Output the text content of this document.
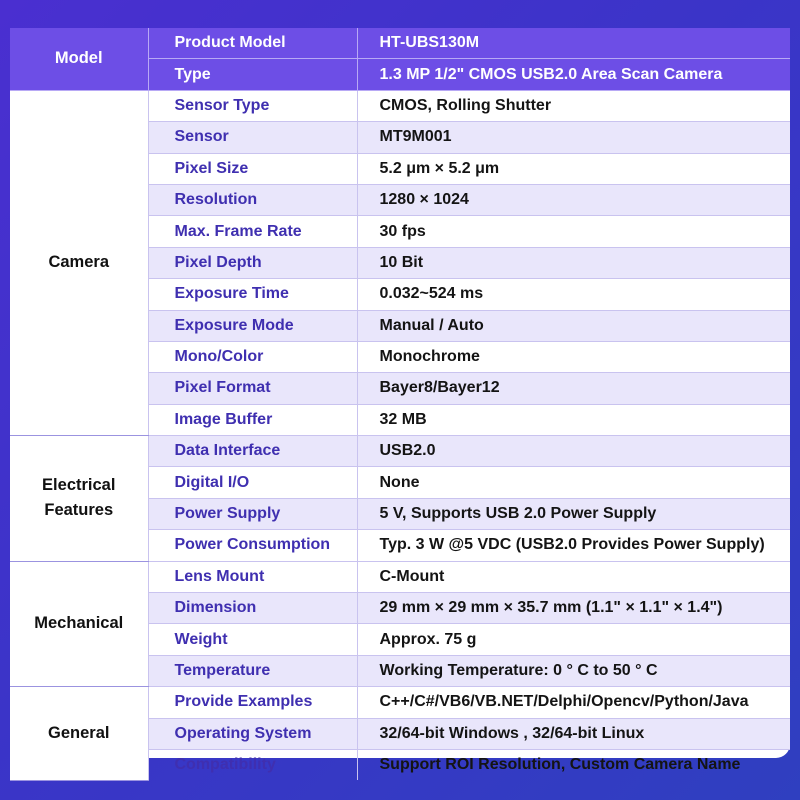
Model	Product Model	HT-UBS130M
	Type	1.3 MP 1/2" CMOS USB2.0 Area Scan Camera
Camera	Sensor Type	CMOS, Rolling Shutter
	Sensor	MT9M001
	Pixel Size	5.2 μm × 5.2 μm
	Resolution	1280 × 1024
	Max. Frame Rate	30 fps
	Pixel Depth	10 Bit
	Exposure Time	0.032~524 ms
	Exposure Mode	Manual / Auto
	Mono/Color	Monochrome
	Pixel Format	Bayer8/Bayer12
	Image Buffer	32 MB
Electrical Features	Data Interface	USB2.0
	Digital I/O	None
	Power Supply	5 V, Supports USB 2.0 Power Supply
	Power Consumption	Typ. 3 W @5 VDC (USB2.0 Provides Power Supply)
Mechanical	Lens Mount	C-Mount
	Dimension	29 mm × 29 mm × 35.7 mm (1.1" × 1.1" × 1.4")
	Weight	Approx. 75 g
	Temperature	Working Temperature: 0 ° C to 50 ° C
General	Provide Examples	C++/C#/VB6/VB.NET/Delphi/Opencv/Python/Java
	Operating System	32/64-bit Windows , 32/64-bit Linux
	Compatibility	Support ROI Resolution, Custom Camera Name
